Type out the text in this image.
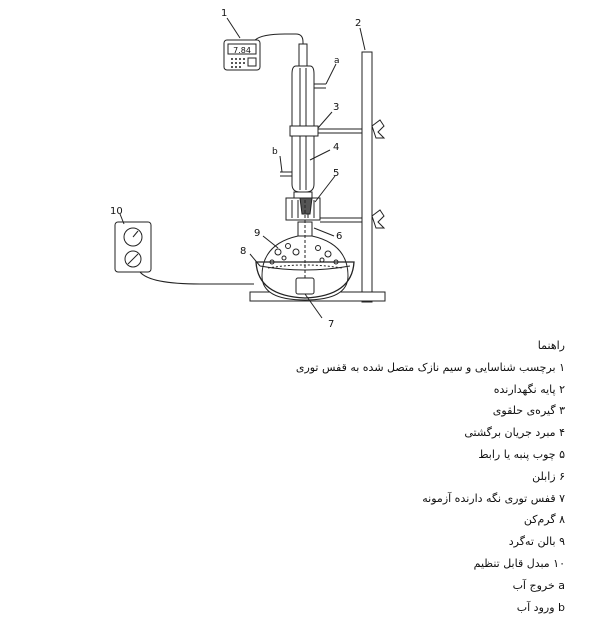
7.84
1
2
3
4
5
6
7
8
9
10
a
b
راهنما
۱ برچسب شناسایی و سیم نازک متصل شده به قفس توری
۲ پایه نگهدارنده
۳ گیره‌ی حلقوی
۴ مبرد جریان برگشتی
۵ چوب پنبه یا رابط
۶ زابلن
۷ قفس توری نگه دارنده آزمونه
۸ گرم‌کن
۹ بالن ته‌گرد
۱۰ مبدل قابل تنظیم
a خروج آب
b ورود آب
